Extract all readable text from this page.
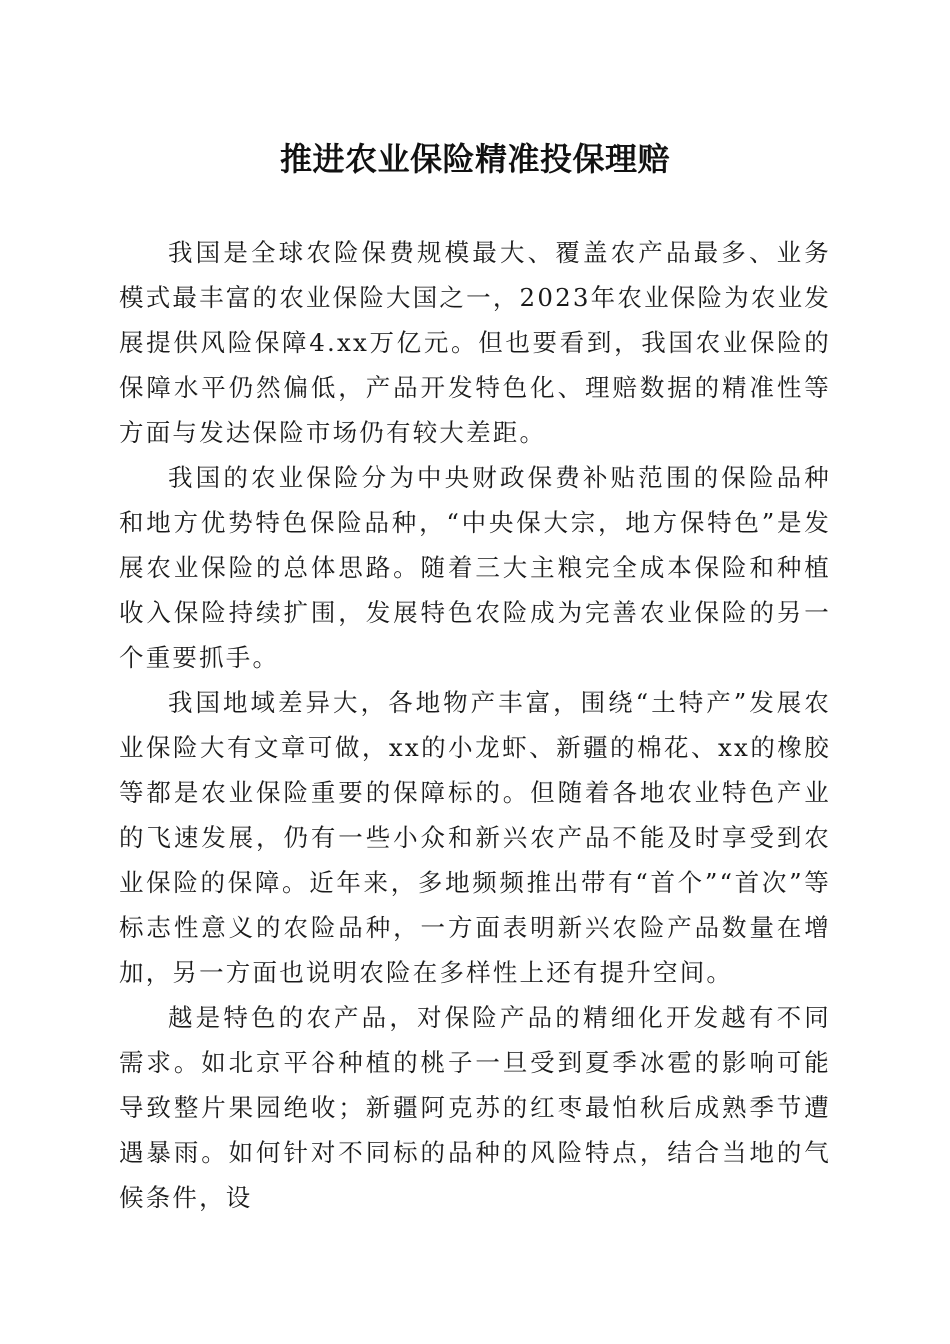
推进农业保险精准投保理赔

我国是全球农险保费规模最大、覆盖农产品最多、业务模式最丰富的农业保险大国之一，2023年农业保险为农业发展提供风险保障4.xx万亿元。但也要看到，我国农业保险的保障水平仍然偏低，产品开发特色化、理赔数据的精准性等方面与发达保险市场仍有较大差距。

我国的农业保险分为中央财政保费补贴范围的保险品种和地方优势特色保险品种，“中央保大宗，地方保特色”是发展农业保险的总体思路。随着三大主粮完全成本保险和种植收入保险持续扩围，发展特色农险成为完善农业保险的另一个重要抓手。

我国地域差异大，各地物产丰富，围绕“土特产”发展农业保险大有文章可做，xx的小龙虾、新疆的棉花、xx的橡胶等都是农业保险重要的保障标的。但随着各地农业特色产业的飞速发展，仍有一些小众和新兴农产品不能及时享受到农业保险的保障。近年来，多地频频推出带有“首个”“首次”等标志性意义的农险品种，一方面表明新兴农险产品数量在增加，另一方面也说明农险在多样性上还有提升空间。

越是特色的农产品，对保险产品的精细化开发越有不同需求。如北京平谷种植的桃子一旦受到夏季冰雹的影响可能导致整片果园绝收；新疆阿克苏的红枣最怕秋后成熟季节遭遇暴雨。如何针对不同标的品种的风险特点，结合当地的气候条件，设
